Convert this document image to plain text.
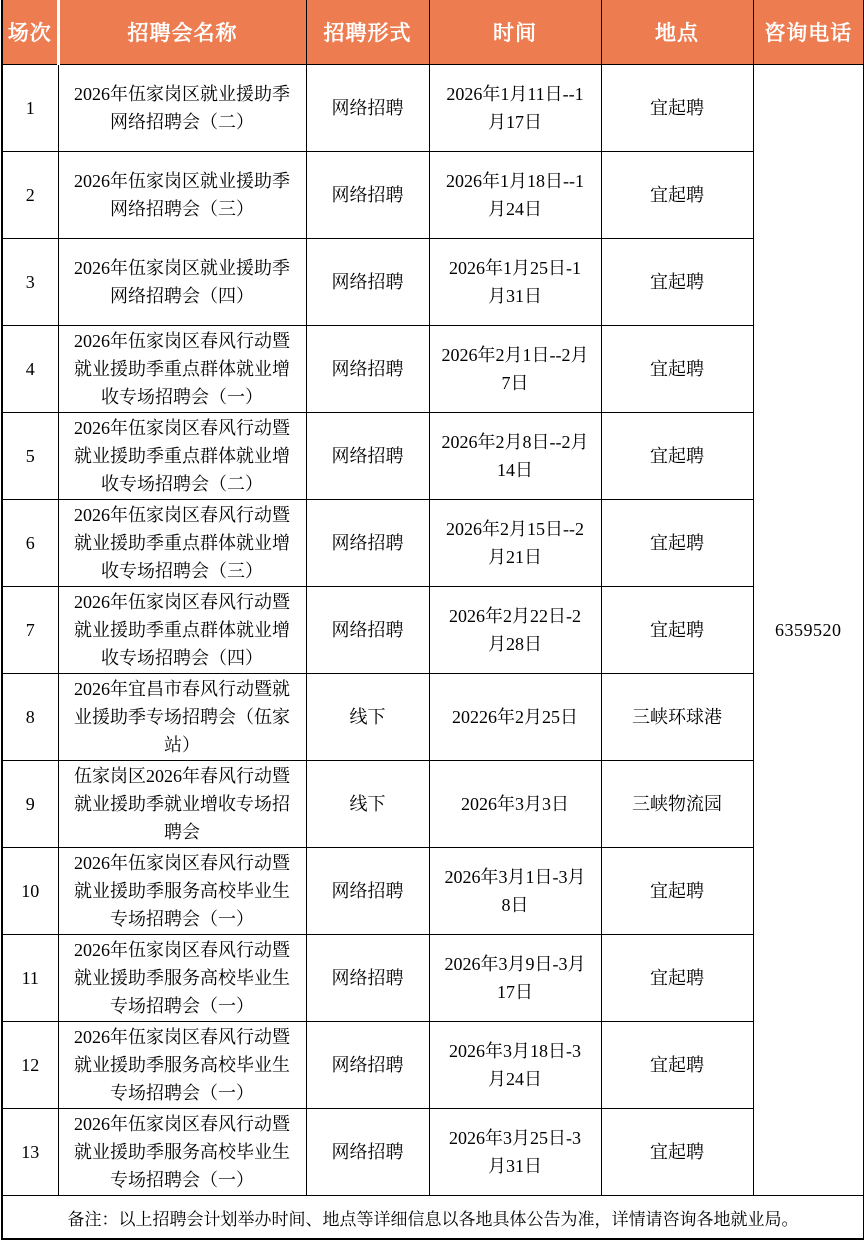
场次	招聘会名称	招聘形式	时间	地点	咨询电话
1	2026年伍家岗区就业援助季网络招聘会（二）	网络招聘	2026年1月11日--1月17日	宜起聘	6359520
2	2026年伍家岗区就业援助季网络招聘会（三）	网络招聘	2026年1月18日--1月24日	宜起聘	
3	2026年伍家岗区就业援助季网络招聘会（四）	网络招聘	2026年1月25日-1月31日	宜起聘	
4	2026年伍家岗区春风行动暨就业援助季重点群体就业增收专场招聘会（一）	网络招聘	2026年2月1日--2月7日	宜起聘	
5	2026年伍家岗区春风行动暨就业援助季重点群体就业增收专场招聘会（二）	网络招聘	2026年2月8日--2月14日	宜起聘	
6	2026年伍家岗区春风行动暨就业援助季重点群体就业增收专场招聘会（三）	网络招聘	2026年2月15日--2月21日	宜起聘	
7	2026年伍家岗区春风行动暨就业援助季重点群体就业增收专场招聘会（四）	网络招聘	2026年2月22日-2月28日	宜起聘	
8	2026年宜昌市春风行动暨就业援助季专场招聘会（伍家站）	线下	20226年2月25日	三峡环球港	
9	伍家岗区2026年春风行动暨就业援助季就业增收专场招聘会	线下	2026年3月3日	三峡物流园	
10	2026年伍家岗区春风行动暨就业援助季服务高校毕业生专场招聘会（一）	网络招聘	2026年3月1日-3月8日	宜起聘	
11	2026年伍家岗区春风行动暨就业援助季服务高校毕业生专场招聘会（一）	网络招聘	2026年3月9日-3月17日	宜起聘	
12	2026年伍家岗区春风行动暨就业援助季服务高校毕业生专场招聘会（一）	网络招聘	2026年3月18日-3月24日	宜起聘	
13	2026年伍家岗区春风行动暨就业援助季服务高校毕业生专场招聘会（一）	网络招聘	2026年3月25日-3月31日	宜起聘	
备注：以上招聘会计划举办时间、地点等详细信息以各地具体公告为准，详情请咨询各地就业局。					
